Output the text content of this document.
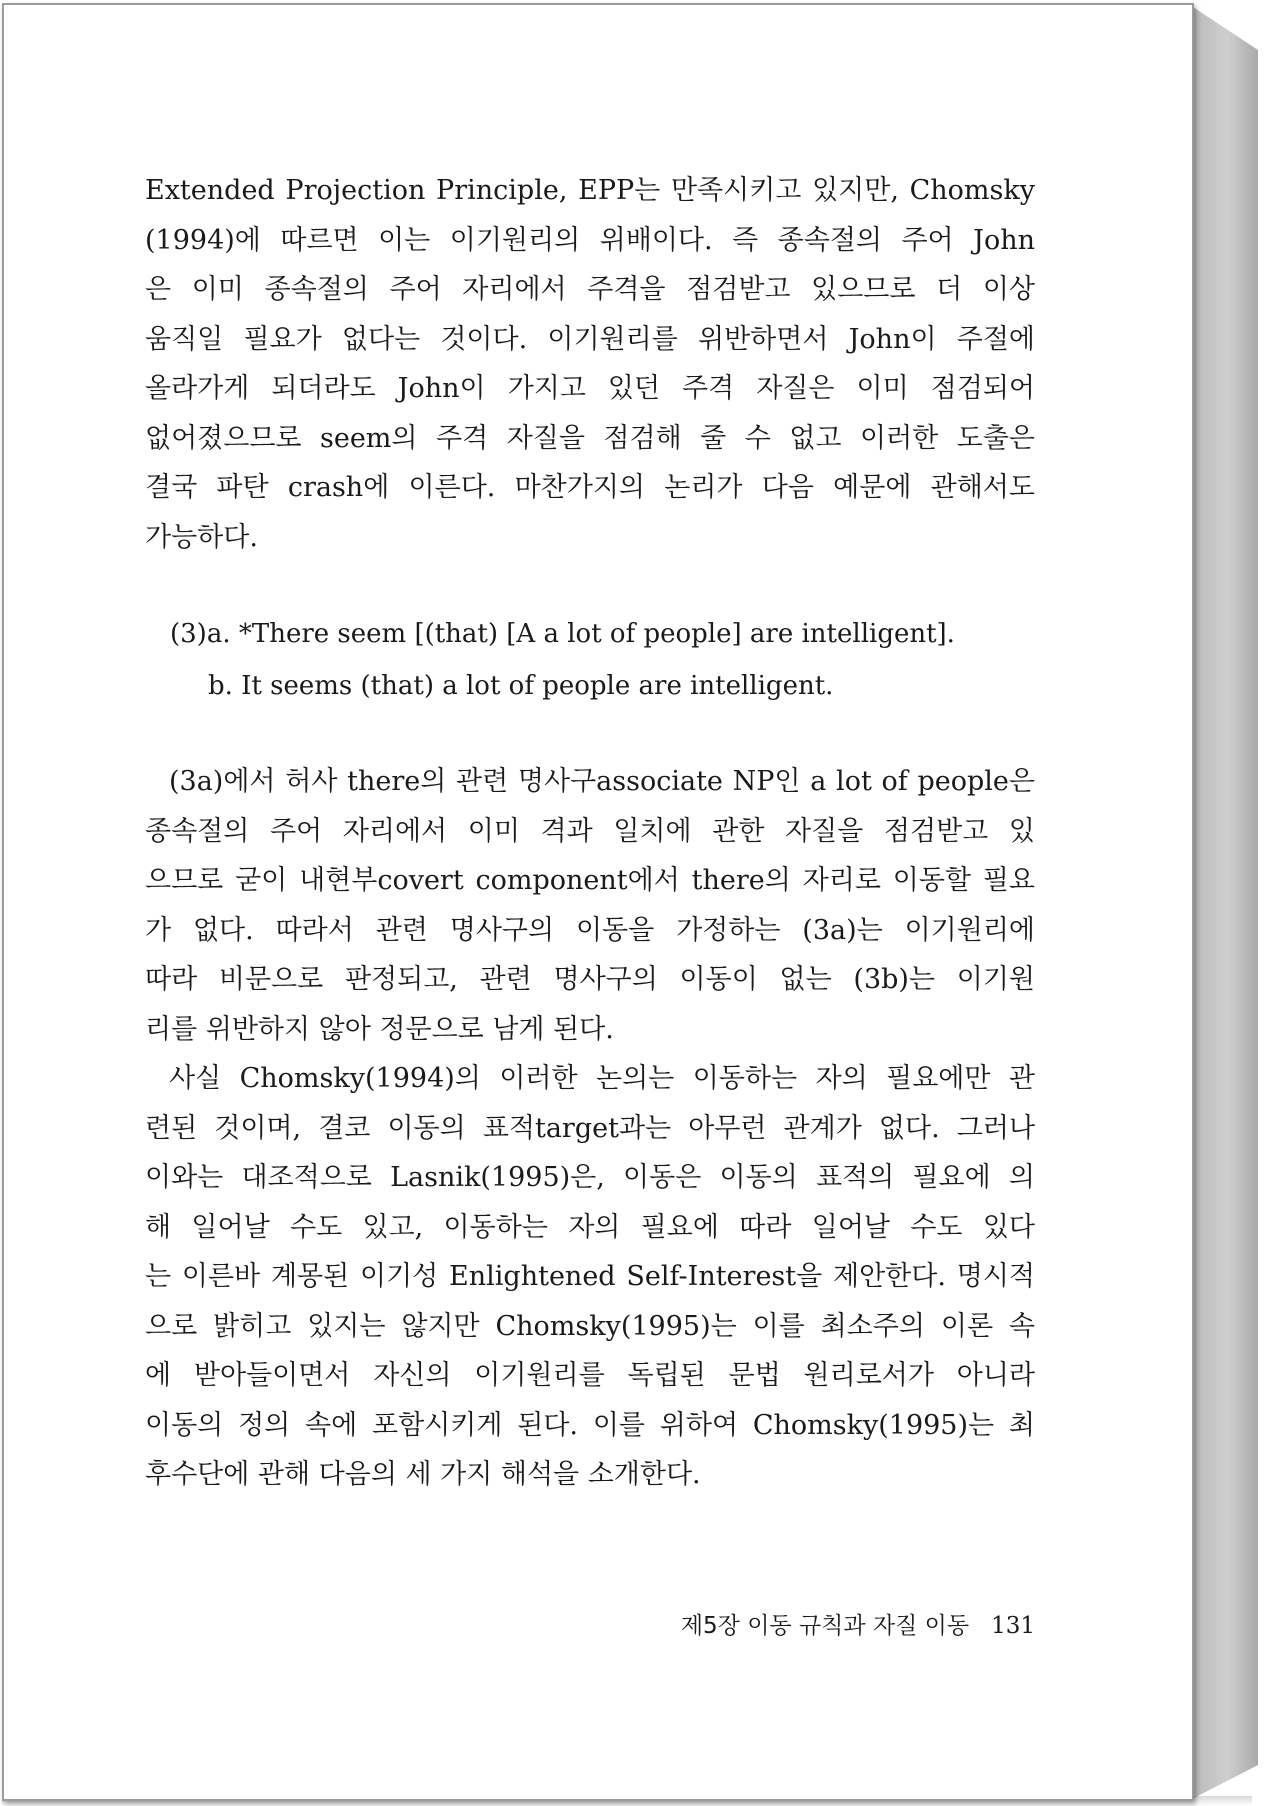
Extended Projection Principle, EPP는 만족시키고 있지만, Chomsky
(1994)에 따르면 이는 이기원리의 위배이다. 즉 종속절의 주어 John
은 이미 종속절의 주어 자리에서 주격을 점검받고 있으므로 더 이상
움직일 필요가 없다는 것이다. 이기원리를 위반하면서 John이 주절에
올라가게 되더라도 John이 가지고 있던 주격 자질은 이미 점검되어
없어졌으므로 seem의 주격 자질을 점검해 줄 수 없고 이러한 도출은
결국 파탄 crash에 이른다. 마찬가지의 논리가 다음 예문에 관해서도
가능하다.
(3)a. *There seem [(that) [A a lot of people] are intelligent].
b. It seems (that) a lot of people are intelligent.
(3a)에서 허사 there의 관련 명사구associate NP인 a lot of people은
종속절의 주어 자리에서 이미 격과 일치에 관한 자질을 점검받고 있
으므로 굳이 내현부covert component에서 there의 자리로 이동할 필요
가 없다. 따라서 관련 명사구의 이동을 가정하는 (3a)는 이기원리에
따라 비문으로 판정되고, 관련 명사구의 이동이 없는 (3b)는 이기원
리를 위반하지 않아 정문으로 남게 된다.
사실 Chomsky(1994)의 이러한 논의는 이동하는 자의 필요에만 관
련된 것이며, 결코 이동의 표적target과는 아무런 관계가 없다. 그러나
이와는 대조적으로 Lasnik(1995)은, 이동은 이동의 표적의 필요에 의
해 일어날 수도 있고, 이동하는 자의 필요에 따라 일어날 수도 있다
는 이른바 계몽된 이기성 Enlightened Self-Interest을 제안한다. 명시적
으로 밝히고 있지는 않지만 Chomsky(1995)는 이를 최소주의 이론 속
에 받아들이면서 자신의 이기원리를 독립된 문법 원리로서가 아니라
이동의 정의 속에 포함시키게 된다. 이를 위하여 Chomsky(1995)는 최
후수단에 관해 다음의 세 가지 해석을 소개한다.
제5장 이동 규칙과 자질 이동 131
